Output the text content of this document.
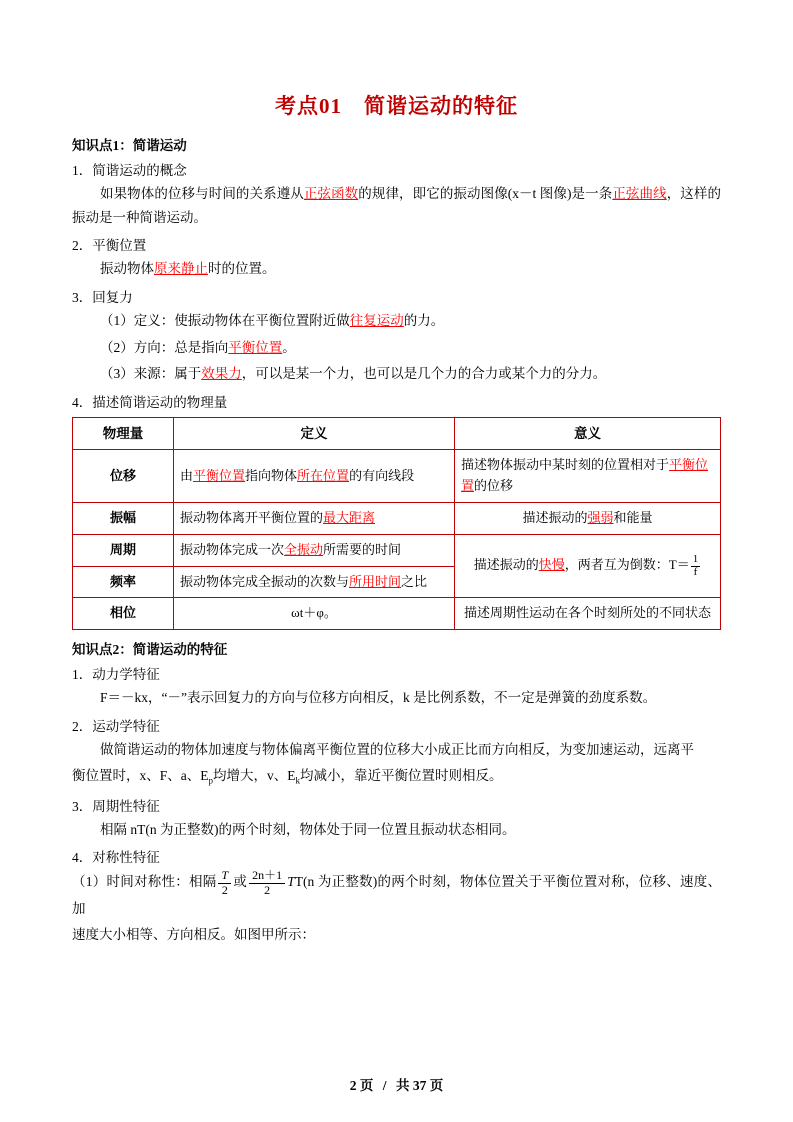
考点01　简谐运动的特征
知识点1：简谐运动
1．简谐运动的概念
如果物体的位移与时间的关系遵从正弦函数的规律，即它的振动图像(x－t 图像)是一条正弦曲线，这样的振动是一种简谐运动。
2．平衡位置
振动物体原来静止时的位置。
3．回复力
（1）定义：使振动物体在平衡位置附近做往复运动的力。
（2）方向：总是指向平衡位置。
（3）来源：属于效果力，可以是某一个力，也可以是几个力的合力或某个力的分力。
4．描述简谐运动的物理量
物理量	定义	意义
位移	由平衡位置指向物体所在位置的有向线段	描述物体振动中某时刻的位置相对于平衡位置的位移
振幅	振动物体离开平衡位置的最大距离	描述振动的强弱和能量
周期	振动物体完成一次全振动所需要的时间	描述振动的快慢，两者互为倒数：$T= \frac{1}{f}$

频率	振动物体完成全振动的次数与所用时间之比	
相位	ωt＋φ。	描述周期性运动在各个时刻所处的不同状态
知识点2：简谐运动的特征
1．动力学特征
F＝－kx，“－”表示回复力的方向与位移方向相反，k 是比例系数，不一定是弹簧的劲度系数。
2．运动学特征
做简谐运动的物体加速度与物体偏离平衡位置的位移大小成正比而方向相反，为变加速运动，远离平
衡位置时，x、F、a、$E_p$均增大，v、$E_k$均减小，靠近平衡位置时则相反。
3．周期性特征
相隔 nT(n 为正整数)的两个时刻，物体处于同一位置且振动状态相同。
4．对称性特征
（1）时间对称性：相隔 $\frac{T}{2}$ 或 $\frac{2n+1}{2} TT(n$ 为正整数)的两个时刻，物体位置关于平衡位置对称，位移、速度、加
速度大小相等、方向相反。如图甲所示：
2 页 / 共 37 页
